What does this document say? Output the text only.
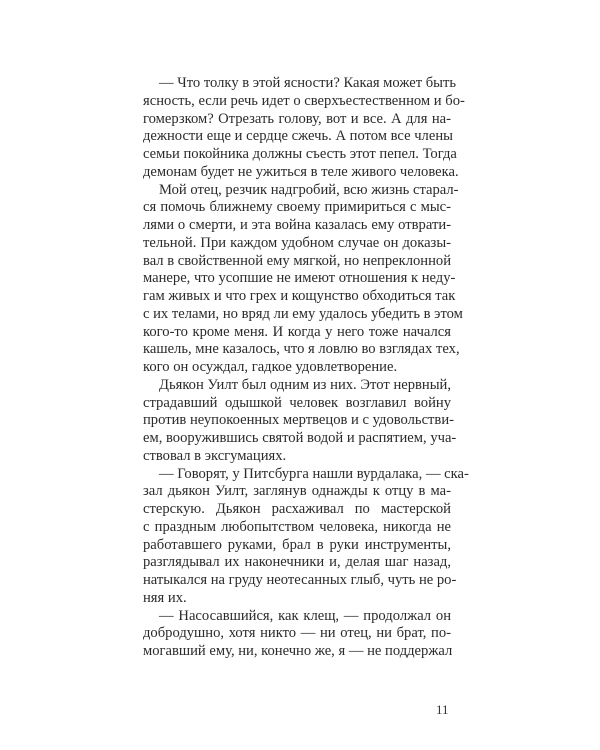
— Что толку в этой ясности? Какая может быть
ясность, если речь идет о сверхъестественном и бо-
гомерзком? Отрезать голову, вот и все. А для на-
дежности еще и сердце сжечь. А потом все члены
семьи покойника должны съесть этот пепел. Тогда
демонам будет не ужиться в теле живого человека.
Мой отец, резчик надгробий, всю жизнь старал-
ся помочь ближнему своему примириться с мыс-
лями о смерти, и эта война казалась ему отврати-
тельной. При каждом удобном случае он доказы-
вал в свойственной ему мягкой, но непреклонной
манере, что усопшие не имеют отношения к неду-
гам живых и что грех и кощунство обходиться так
с их телами, но вряд ли ему удалось убедить в этом
кого-то кроме меня. И когда у него тоже начался
кашель, мне казалось, что я ловлю во взглядах тех,
кого он осуждал, гадкое удовлетворение.
Дьякон Уилт был одним из них. Этот нервный,
страдавший одышкой человек возглавил войну
против неупокоенных мертвецов и с удовольстви-
ем, вооружившись святой водой и распятием, уча-
ствовал в эксгумациях.
— Говорят, у Питсбурга нашли вурдалака, — ска-
зал дьякон Уилт, заглянув однажды к отцу в ма-
стерскую. Дьякон расхаживал по мастерской
с праздным любопытством человека, никогда не
работавшего руками, брал в руки инструменты,
разглядывал их наконечники и, делая шаг назад,
натыкался на груду неотесанных глыб, чуть не ро-
няя их.
— Насосавшийся, как клещ, — продолжал он
добродушно, хотя никто — ни отец, ни брат, по-
могавший ему, ни, конечно же, я — не поддержал
11
